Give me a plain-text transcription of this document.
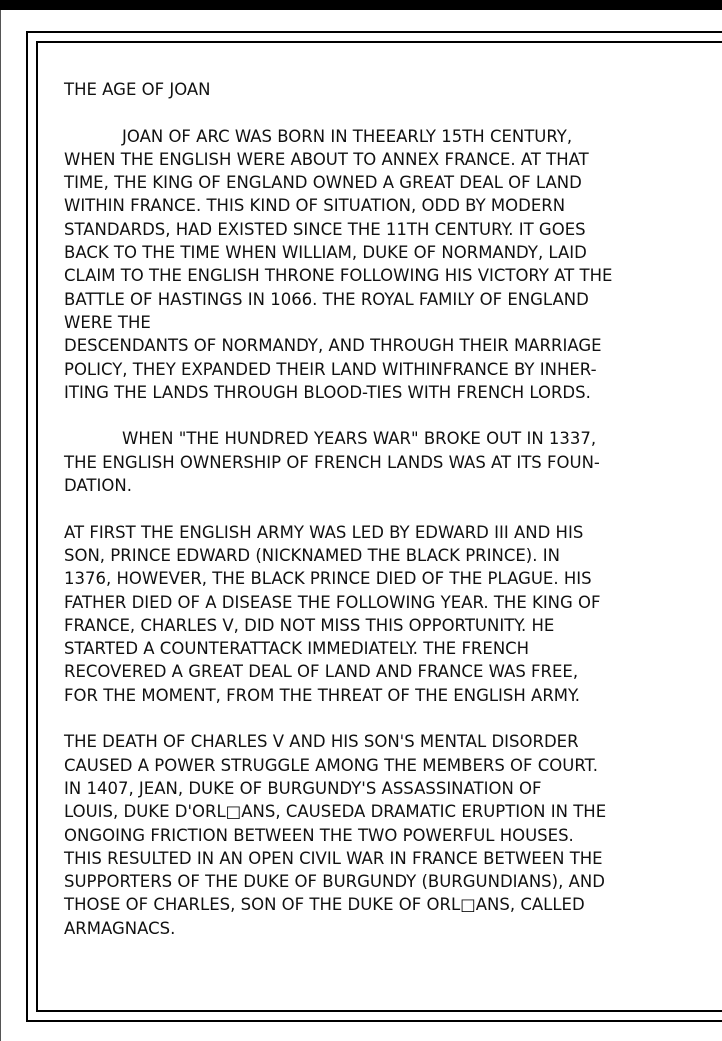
THE AGE OF JOAN
JOAN OF ARC WAS BORN IN THEEARLY 15TH CENTURY,
WHEN THE ENGLISH WERE ABOUT TO ANNEX FRANCE. AT THAT
TIME, THE KING OF ENGLAND OWNED A GREAT DEAL OF LAND
WITHIN FRANCE. THIS KIND OF SITUATION, ODD BY MODERN
STANDARDS, HAD EXISTED SINCE THE 11TH CENTURY. IT GOES
BACK TO THE TIME WHEN WILLIAM, DUKE OF NORMANDY, LAID
CLAIM TO THE ENGLISH THRONE FOLLOWING HIS VICTORY AT THE
BATTLE OF HASTINGS IN 1066. THE ROYAL FAMILY OF ENGLAND
WERE THE
DESCENDANTS OF NORMANDY, AND THROUGH THEIR MARRIAGE
POLICY, THEY EXPANDED THEIR LAND WITHINFRANCE BY INHER-
ITING THE LANDS THROUGH BLOOD-TIES WITH FRENCH LORDS.
WHEN "THE HUNDRED YEARS WAR" BROKE OUT IN 1337,
THE ENGLISH OWNERSHIP OF FRENCH LANDS WAS AT ITS FOUN-
DATION.
AT FIRST THE ENGLISH ARMY WAS LED BY EDWARD III AND HIS
SON, PRINCE EDWARD (NICKNAMED THE BLACK PRINCE). IN
1376, HOWEVER, THE BLACK PRINCE DIED OF THE PLAGUE. HIS
FATHER DIED OF A DISEASE THE FOLLOWING YEAR. THE KING OF
FRANCE, CHARLES V, DID NOT MISS THIS OPPORTUNITY. HE
STARTED A COUNTERATTACK IMMEDIATELY. THE FRENCH
RECOVERED A GREAT DEAL OF LAND AND FRANCE WAS FREE,
FOR THE MOMENT, FROM THE THREAT OF THE ENGLISH ARMY.
THE DEATH OF CHARLES V AND HIS SON'S MENTAL DISORDER
CAUSED A POWER STRUGGLE AMONG THE MEMBERS OF COURT.
IN 1407, JEAN, DUKE OF BURGUNDY'S ASSASSINATION OF
LOUIS, DUKE D'ORL□ANS, CAUSEDA DRAMATIC ERUPTION IN THE
ONGOING FRICTION BETWEEN THE TWO POWERFUL HOUSES.
THIS RESULTED IN AN OPEN CIVIL WAR IN FRANCE BETWEEN THE
SUPPORTERS OF THE DUKE OF BURGUNDY (BURGUNDIANS), AND
THOSE OF CHARLES, SON OF THE DUKE OF ORL□ANS, CALLED
ARMAGNACS.
